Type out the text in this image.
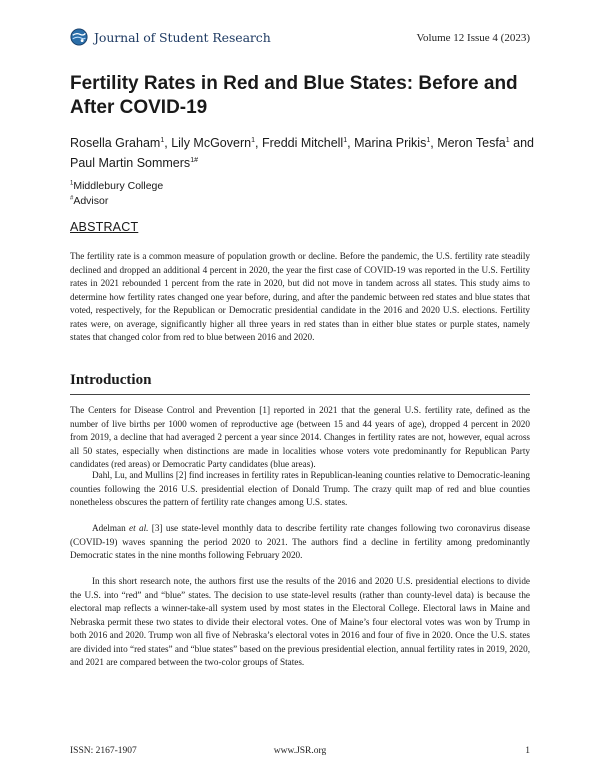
Journal of Student Research	Volume 12 Issue 4 (2023)
Fertility Rates in Red and Blue States: Before and After COVID-19

Rosella Graham$^1$, Lily McGovern$^1$, Freddi Mitchell$^1$, Marina Prikis$^1$, Meron Tesfa$^1$ and Paul Martin Sommers$^{1\#}$

$^1$Middlebury College
#Advisor
ABSTRACT

The fertility rate is a common measure of population growth or decline. Before the pandemic, the U.S. fertility rate steadily declined and dropped an additional 4 percent in 2020, the year the first case of COVID-19 was reported in the U.S. Fertility rates in 2021 rebounded 1 percent from the rate in 2020, but did not move in tandem across all states. This study aims to determine how fertility rates changed one year before, during, and after the pandemic between red states and blue states that voted, respectively, for the Republican or Democratic presidential candidate in the 2016 and 2020 U.S. elections. Fertility rates were, on average, significantly higher all three years in red states than in either blue states or purple states, namely states that changed color from red to blue between 2016 and 2020.

Introduction

The Centers for Disease Control and Prevention [1] reported in 2021 that the general U.S. fertility rate, defined as the number of live births per 1000 women of reproductive age (between 15 and 44 years of age), dropped 4 percent in 2020 from 2019, a decline that had averaged 2 percent a year since 2014. Changes in fertility rates are not, however, equal across all 50 states, especially when distinctions are made in localities whose voters vote predominantly for Republican Party candidates (red areas) or Democratic Party candidates (blue areas).

Dahl, Lu, and Mullins [2] find increases in fertility rates in Republican-leaning counties relative to Democratic-leaning counties following the 2016 U.S. presidential election of Donald Trump. The crazy quilt map of red and blue counties nonetheless obscures the pattern of fertility rate changes among U.S. states.

Adelman et al. [3] use state-level monthly data to describe fertility rate changes following two coronavirus disease (COVID-19) waves spanning the period 2020 to 2021. The authors find a decline in fertility among predominantly Democratic states in the nine months following February 2020.

In this short research note, the authors first use the results of the 2016 and 2020 U.S. presidential elections to divide the U.S. into “red” and “blue” states. The decision to use state-level results (rather than county-level data) is because the electoral map reflects a winner-take-all system used by most states in the Electoral College. Electoral laws in Maine and Nebraska permit these two states to divide their electoral votes. One of Maine’s four electoral votes was won by Trump in both 2016 and 2020. Trump won all five of Nebraska’s electoral votes in 2016 and four of five in 2020. Once the U.S. states are divided into “red states” and “blue states” based on the previous presidential election, annual fertility rates in 2019, 2020, and 2021 are compared between the two-color groups of States.

ISSN: 2167-1907	www.JSR.org	1
